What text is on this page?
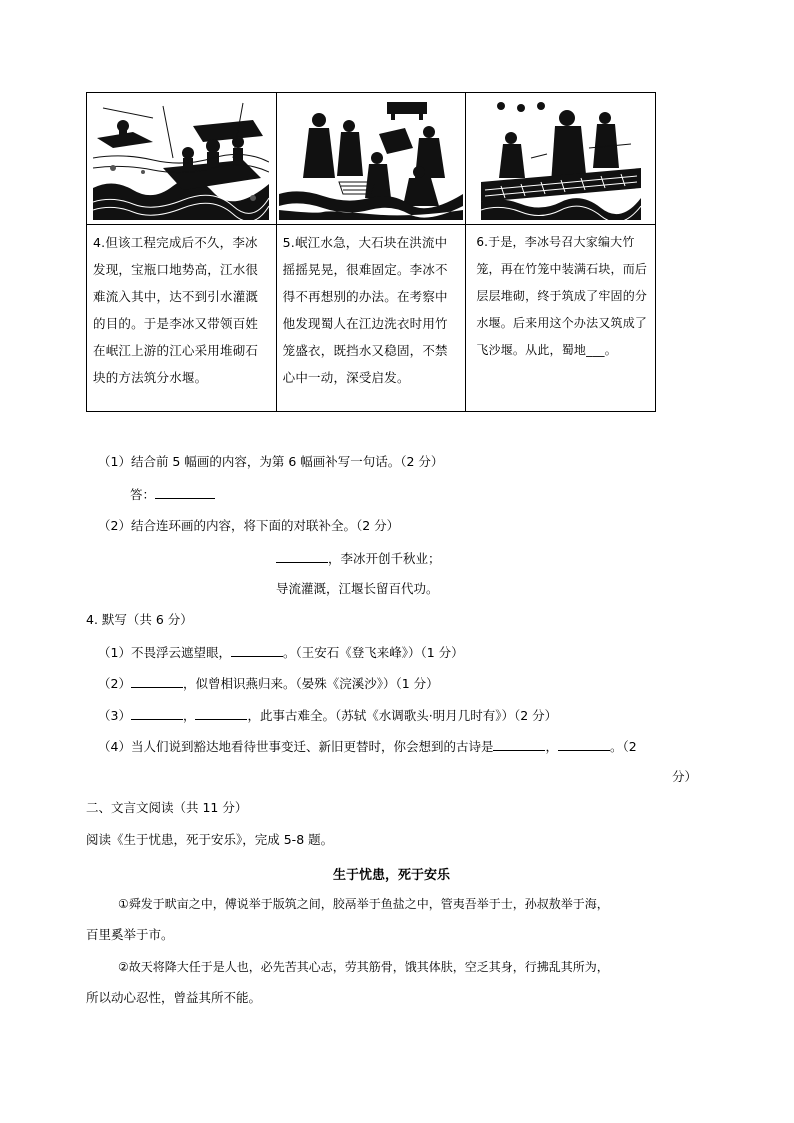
4.但该工程完成后不久，李冰发现，宝瓶口地势高，江水很难流入其中，达不到引水灌溉的目的。于是李冰又带领百姓在岷江上游的江心采用堆砌石块的方法筑分水堰。	5.岷江水急，大石块在洪流中摇摇晃晃，很难固定。李冰不得不再想别的办法。在考察中他发现蜀人在江边洗衣时用竹笼盛衣，既挡水又稳固，不禁心中一动，深受启发。	6.于是，李冰号召大家编大竹笼，再在竹笼中装满石块，而后层层堆砌，终于筑成了牢固的分水堰。后来用这个办法又筑成了飞沙堰。从此，蜀地___。
（1）结合前 5 幅画的内容，为第 6 幅画补写一句话。（2 分）
答：
（2）结合连环画的内容，将下面的对联补全。（2 分）
，李冰开创千秋业；
导流灌溉，江堰长留百代功。
4. 默写（共 6 分）
（1）不畏浮云遮望眼，	。（王安石《登飞来峰》）（1 分）
（2）	，似曾相识燕归来。（晏殊《浣溪沙》）（1 分）
（3）	，	，此事古难全。（苏轼《水调歌头·明月几时有》）（2 分）
（4）当人们说到豁达地看待世事变迁、新旧更替时，你会想到的古诗是	，	。（2
分）
二、文言文阅读（共 11 分）
阅读《生于忧患，死于安乐》，完成 5-8 题。
生于忧患，死于安乐
①舜发于畎亩之中，傅说举于版筑之间，胶鬲举于鱼盐之中，管夷吾举于士，孙叔敖举于海，
百里奚举于市。
②故天将降大任于是人也，必先苦其心志，劳其筋骨，饿其体肤，空乏其身，行拂乱其所为，
所以动心忍性，曾益其所不能。
